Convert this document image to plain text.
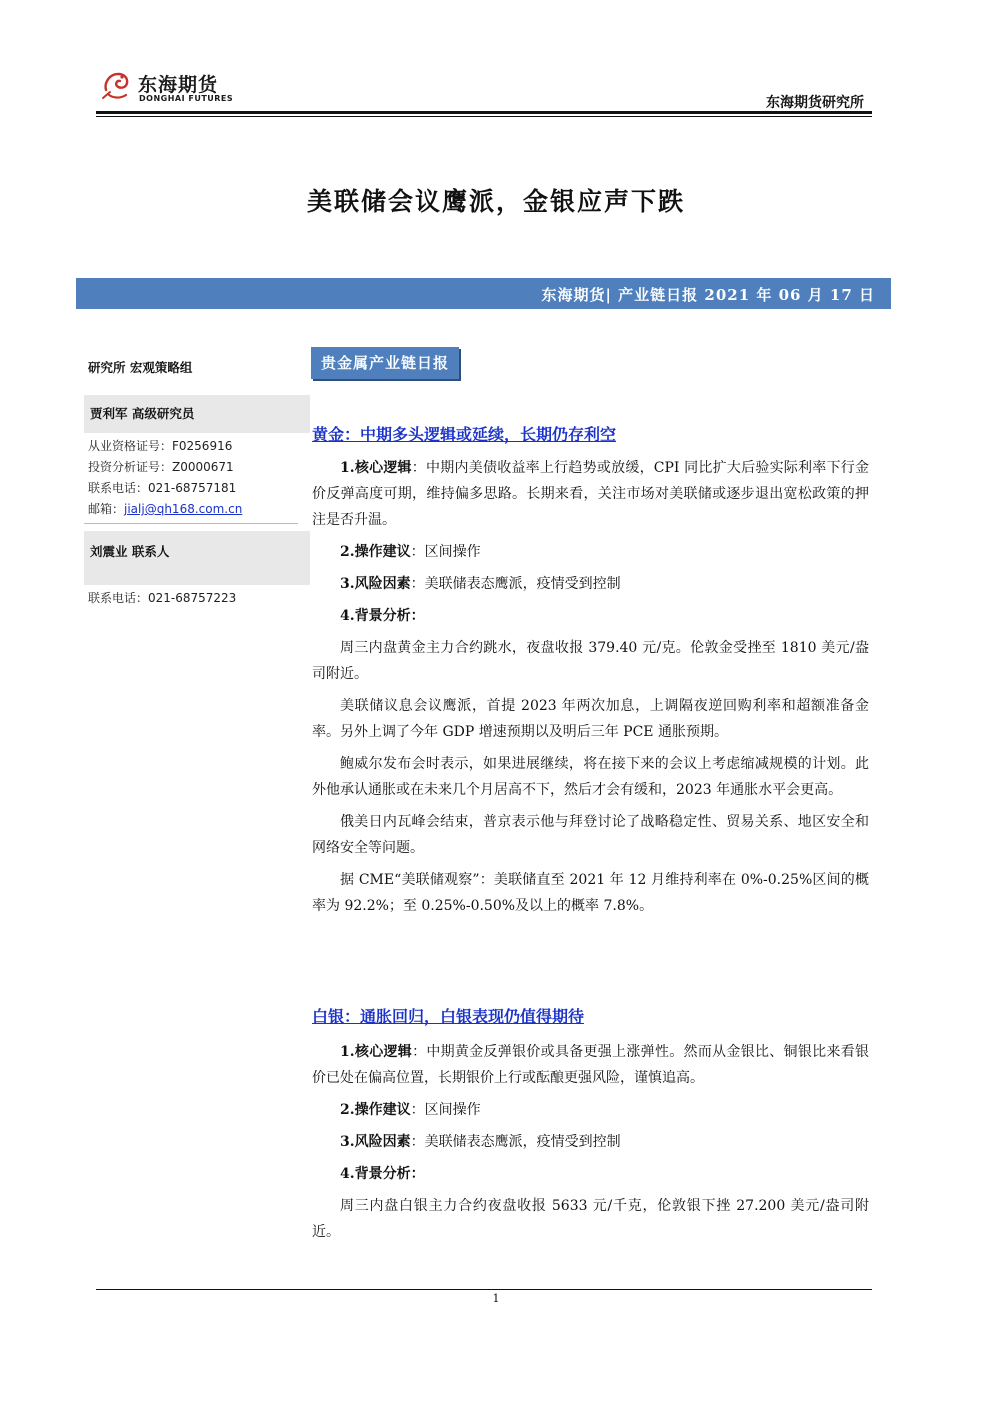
东海期货
DONGHAI FUTURES	东海期货研究所
美联储会议鹰派，金银应声下跌
东海期货| 产业链日报 2021 年 06 月 17 日
研究所 宏观策略组
贾利军 高级研究员
从业资格证号：F0256916
投资分析证号：Z0000671
联系电话：021-68757181
邮箱：jialj@qh168.com.cn
刘震业 联系人
联系电话：021-68757223
贵金属产业链日报
黄金：中期多头逻辑或延续，长期仍存利空

1.核心逻辑：中期内美债收益率上行趋势或放缓，CPI 同比扩大后验实际利率下行金价反弹高度可期，维持偏多思路。长期来看，关注市场对美联储或逐步退出宽松政策的押注是否升温。

2.操作建议：区间操作

3.风险因素：美联储表态鹰派，疫情受到控制

4.背景分析：

周三内盘黄金主力合约跳水，夜盘收报 379.40 元/克。伦敦金受挫至 1810 美元/盎司附近。

美联储议息会议鹰派，首提 2023 年两次加息，上调隔夜逆回购利率和超额准备金率。另外上调了今年 GDP 增速预期以及明后三年 PCE 通胀预期。

鲍威尔发布会时表示，如果进展继续，将在接下来的会议上考虑缩减规模的计划。此外他承认通胀或在未来几个月居高不下，然后才会有缓和，2023 年通胀水平会更高。

俄美日内瓦峰会结束，普京表示他与拜登讨论了战略稳定性、贸易关系、地区安全和网络安全等问题。

据 CME“美联储观察”：美联储直至 2021 年 12 月维持利率在 0%-0.25%区间的概率为 92.2%；至 0.25%-0.50%及以上的概率 7.8%。

白银：通胀回归，白银表现仍值得期待

1.核心逻辑：中期黄金反弹银价或具备更强上涨弹性。然而从金银比、铜银比来看银价已处在偏高位置，长期银价上行或酝酿更强风险，谨慎追高。

2.操作建议：区间操作

3.风险因素：美联储表态鹰派，疫情受到控制

4.背景分析：

周三内盘白银主力合约夜盘收报 5633 元/千克，伦敦银下挫 27.200 美元/盎司附近。

1
